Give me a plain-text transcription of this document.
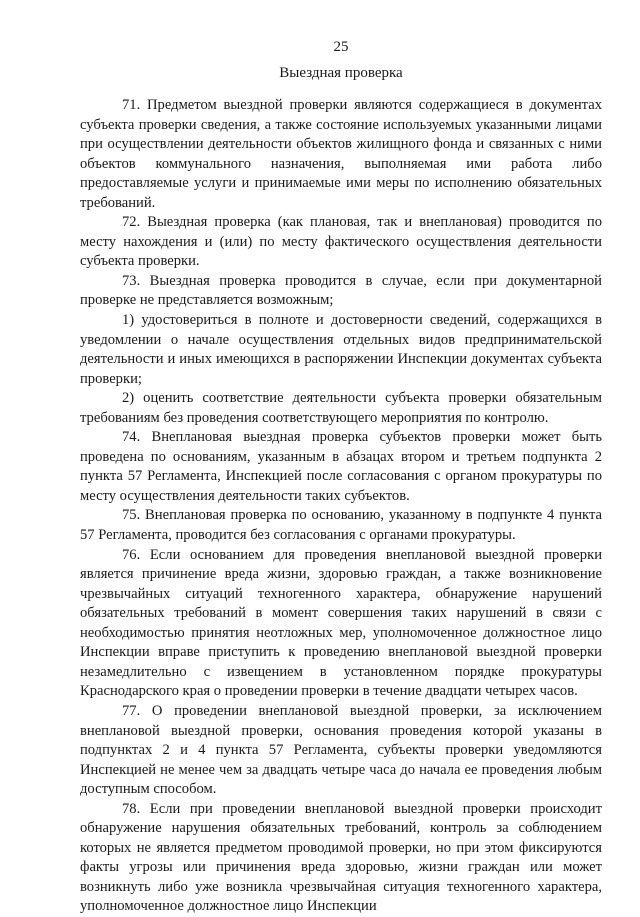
25
Выездная проверка

71. Предметом выездной проверки являются содержащиеся в документах субъекта проверки сведения, а также состояние используемых указанными лицами при осуществлении деятельности объектов жилищного фонда и связанных с ними объектов коммунального назначения, выполняемая ими работа либо предоставляемые услуги и принимаемые ими меры по исполнению обязательных требований.

72. Выездная проверка (как плановая, так и внеплановая) проводится по месту нахождения и (или) по месту фактического осуществления деятельности субъекта проверки.

73. Выездная проверка проводится в случае, если при документарной проверке не представляется возможным;

1) удостовериться в полноте и достоверности сведений, содержащихся в уведомлении о начале осуществления отдельных видов предпринимательской деятельности и иных имеющихся в распоряжении Инспекции документах субъекта проверки;

2) оценить соответствие деятельности субъекта проверки обязательным требованиям без проведения соответствующего мероприятия по контролю.

74. Внеплановая выездная проверка субъектов проверки может быть проведена по основаниям, указанным в абзацах втором и третьем подпункта 2 пункта 57 Регламента, Инспекцией после согласования с органом прокуратуры по месту осуществления деятельности таких субъектов.

75. Внеплановая проверка по основанию, указанному в подпункте 4 пункта 57 Регламента, проводится без согласования с органами прокуратуры.

76. Если основанием для проведения внеплановой выездной проверки является причинение вреда жизни, здоровью граждан, а также возникновение чрезвычайных ситуаций техногенного характера, обнаружение нарушений обязательных требований в момент совершения таких нарушений в связи с необходимостью принятия неотложных мер, уполномоченное должностное лицо Инспекции вправе приступить к проведению внеплановой выездной проверки незамедлительно с извещением в установленном порядке прокуратуры Краснодарского края о проведении проверки в течение двадцати четырех часов.

77. О проведении внеплановой выездной проверки, за исключением внеплановой выездной проверки, основания проведения которой указаны в подпунктах 2 и 4 пункта 57 Регламента, субъекты проверки уведомляются Инспекцией не менее чем за двадцать четыре часа до начала ее проведения любым доступным способом.

78. Если при проведении внеплановой выездной проверки происходит обнаружение нарушения обязательных требований, контроль за соблюдением которых не является предметом проводимой проверки, но при этом фиксируются факты угрозы или причинения вреда здоровью, жизни граждан или может возникнуть либо уже возникла чрезвычайная ситуация техногенного характера, уполномоченное должностное лицо Инспекции
